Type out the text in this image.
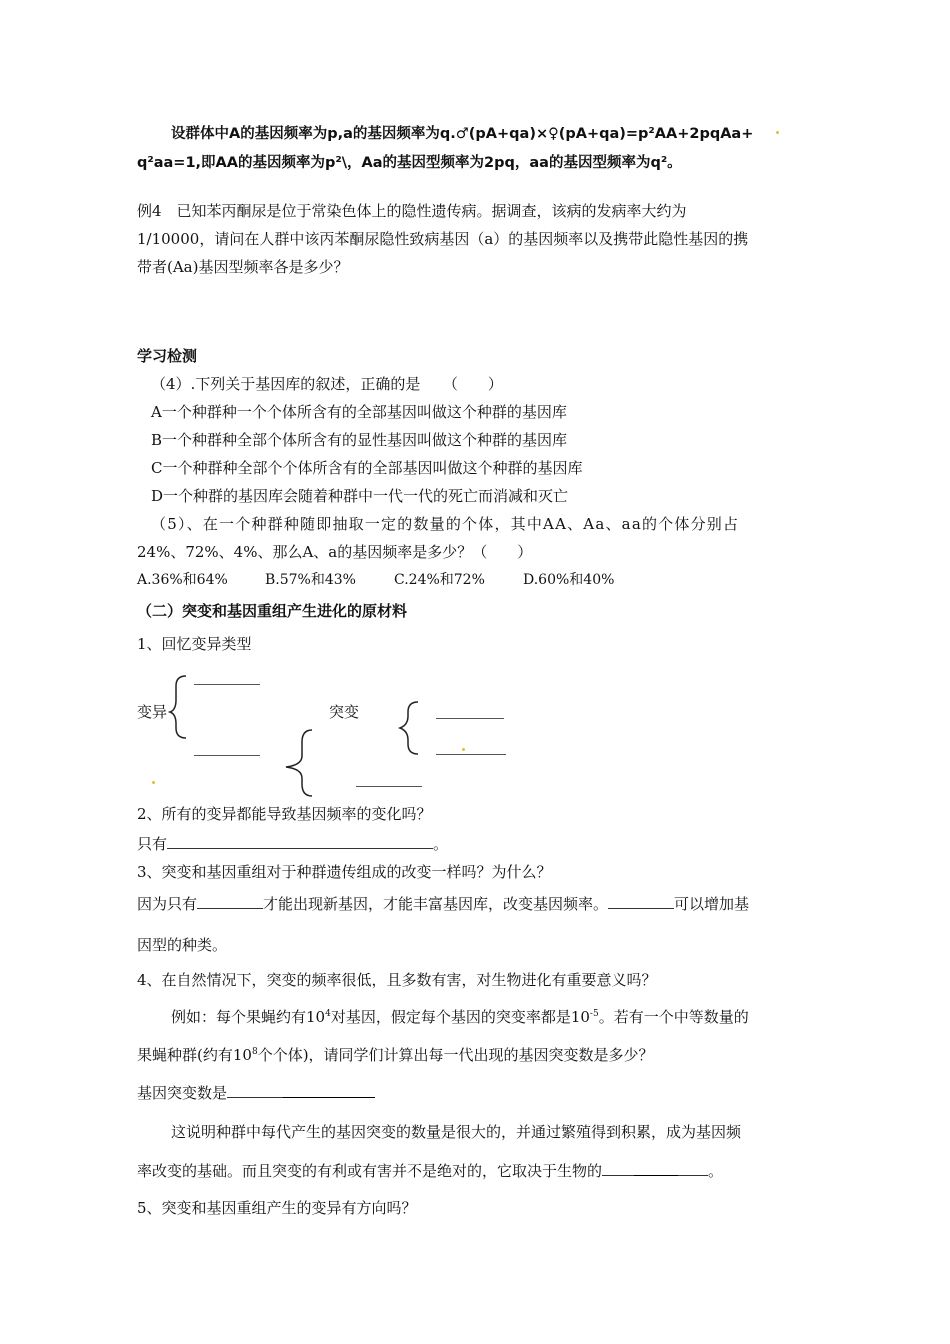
设群体中A的基因频率为p,a的基因频率为q.♂(pA+qa)×♀(pA+qa)=p²AA+2pqAa+
q²aa=1,即AA的基因频率为p²\，Aa的基因型频率为2pq，aa的基因型频率为q²。
例4　已知苯丙酮尿是位于常染色体上的隐性遗传病。据调查，该病的发病率大约为
1/10000，请问在人群中该丙苯酮尿隐性致病基因（a）的基因频率以及携带此隐性基因的携
带者(Aa)基因型频率各是多少？
学习检测
（4）.下列关于基因库的叙述，正确的是　　（　　）
A一个种群种一个个体所含有的全部基因叫做这个种群的基因库
B一个种群种全部个体所含有的显性基因叫做这个种群的基因库
C一个种群种全部个个体所含有的全部基因叫做这个种群的基因库
D一个种群的基因库会随着种群中一代一代的死亡而消减和灭亡
（5）、在一个种群种随即抽取一定的数量的个体，其中AA、Aa、aa的个体分别占
24%、72%、4%、那么A、a的基因频率是多少？（　　）
A.36%和64%	B.57%和43%	C.24%和72%	D.60%和40%
（二）突变和基因重组产生进化的原材料
1、回忆变异类型
变异	突变
2、所有的变异都能导致基因频率的变化吗？
只有	。
3、突变和基因重组对于种群遗传组成的改变一样吗？为什么？
因为只有	才能出现新基因，才能丰富基因库，改变基因频率。	可以增加基
因型的种类。
4、在自然情况下，突变的频率很低，且多数有害，对生物进化有重要意义吗？
例如：每个果蝇约有$10^4$对基因，假定每个基因的突变率都是$10^{-5}$。若有一个中等数量的
果蝇种群(约有$10^8$个个体)，请同学们计算出每一代出现的基因突变数是多少？
基因突变数是
这说明种群中每代产生的基因突变的数量是很大的，并通过繁殖得到积累，成为基因频
率改变的基础。而且突变的有利或有害并不是绝对的，它取决于生物的	。
5、突变和基因重组产生的变异有方向吗？
